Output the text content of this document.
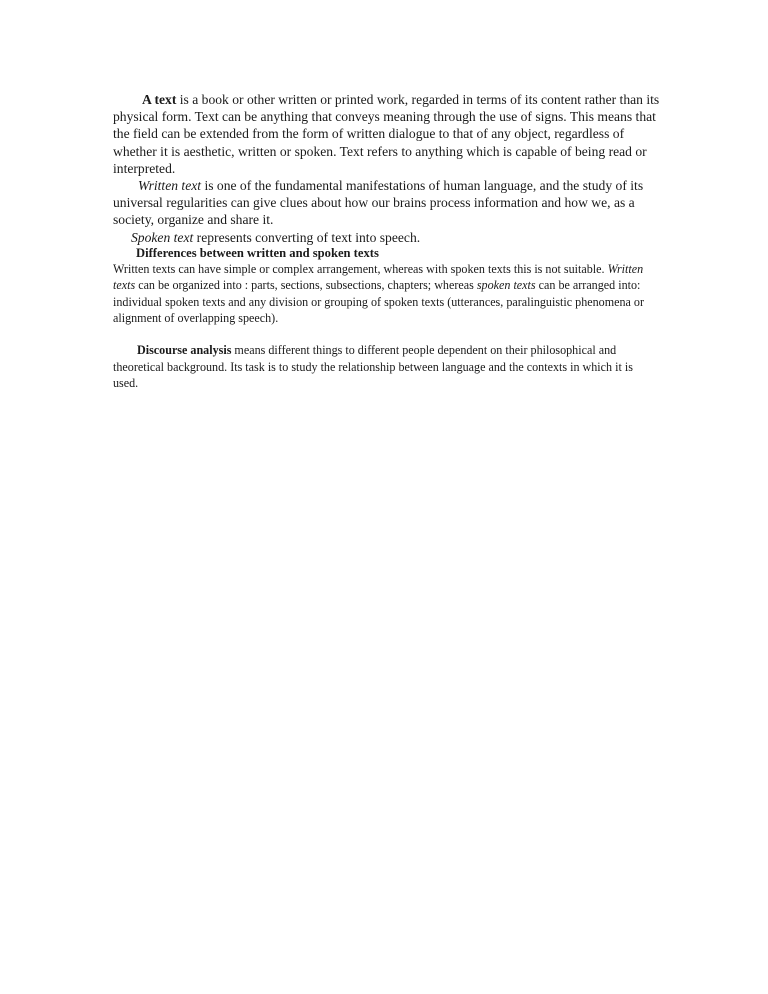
A text is a book or other written or printed work, regarded in terms of its content rather than its physical form. Text can be anything that conveys meaning through the use of signs. This means that the field can be extended from the form of written dialogue to that of any object, regardless of whether it is aesthetic, written or spoken. Text refers to anything which is capable of being read or interpreted.

Written text is one of the fundamental manifestations of human language, and the study of its universal regularities can give clues about how our brains process information and how we, as a society, organize and share it.

Spoken text represents converting of text into speech.

Differences between written and spoken texts

Written texts can have simple or complex arrangement, whereas with spoken texts this is not suitable. Written texts can be organized into : parts, sections, subsections, chapters; whereas spoken texts can be arranged into: individual spoken texts and any division or grouping of spoken texts (utterances, paralinguistic phenomena or alignment of overlapping speech).

Discourse analysis means different things to different people dependent on their philosophical and theoretical background. Its task is to study the relationship between language and the contexts in which it is used.
